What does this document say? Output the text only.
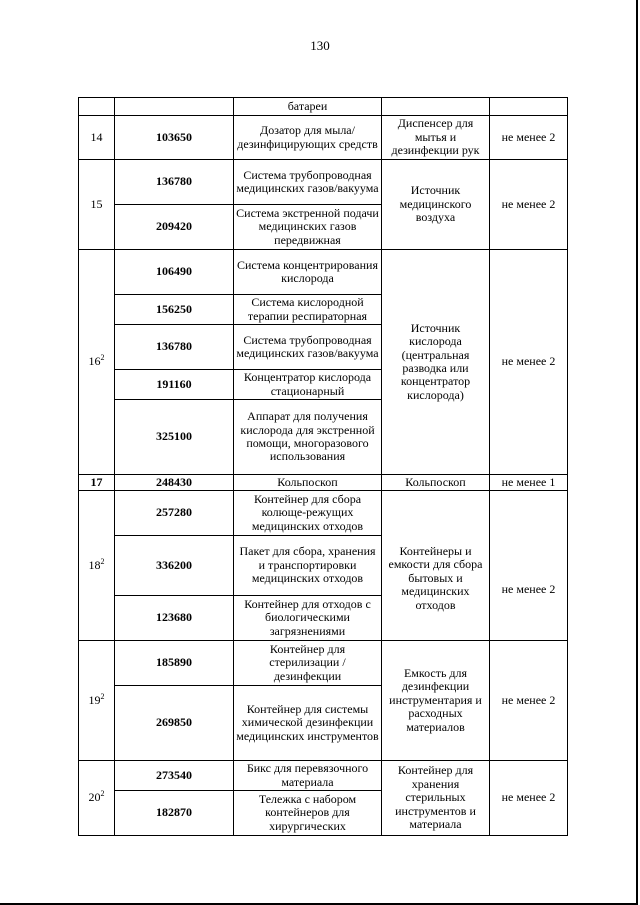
130
		батареи		
14	103650	Дозатор для мыла/ дезинфицирующих средств	Диспенсер для мытья и дезинфекции рук	не менее 2
15	136780	Система трубопроводная медицинских газов/вакуума	Источник медицинского воздуха	не менее 2
	209420	Система экстренной подачи медицинских газов передвижная		
$16^2$	106490	Система концентрирования кислорода	Источник кислорода (центральная разводка или концентратор кислорода)	не менее 2
	156250	Система кислородной терапии респираторная		
	136780	Система трубопроводная медицинских газов/вакуума		
	191160	Концентратор кислорода стационарный		
	325100	Аппарат для получения кислорода для экстренной помощи, многоразового использования		
17	248430	Кольпоскоп	Кольпоскоп	не менее 1
$18^2$	257280	Контейнер для сбора колюще-режущих медицинских отходов	Контейнеры и емкости для сбора бытовых и медицинских отходов	не менее 2

	336200	Пакет для сбора, хранения и транспортировки медицинских отходов		
	123680	Контейнер для отходов с биологическими загрязнениями		
$19^2$	185890	Контейнер для стерилизации /дезинфекции	Емкость для дезинфекции инструментария и расходных материалов	не менее 2
	269850	Контейнер для системы химической дезинфекции медицинских инструментов		
$20^2$	273540	Бикс для перевязочного материала	Контейнер для хранения стерильных инструментов и материала	не менее 2
	182870	Тележка с набором контейнеров для хирургических		
